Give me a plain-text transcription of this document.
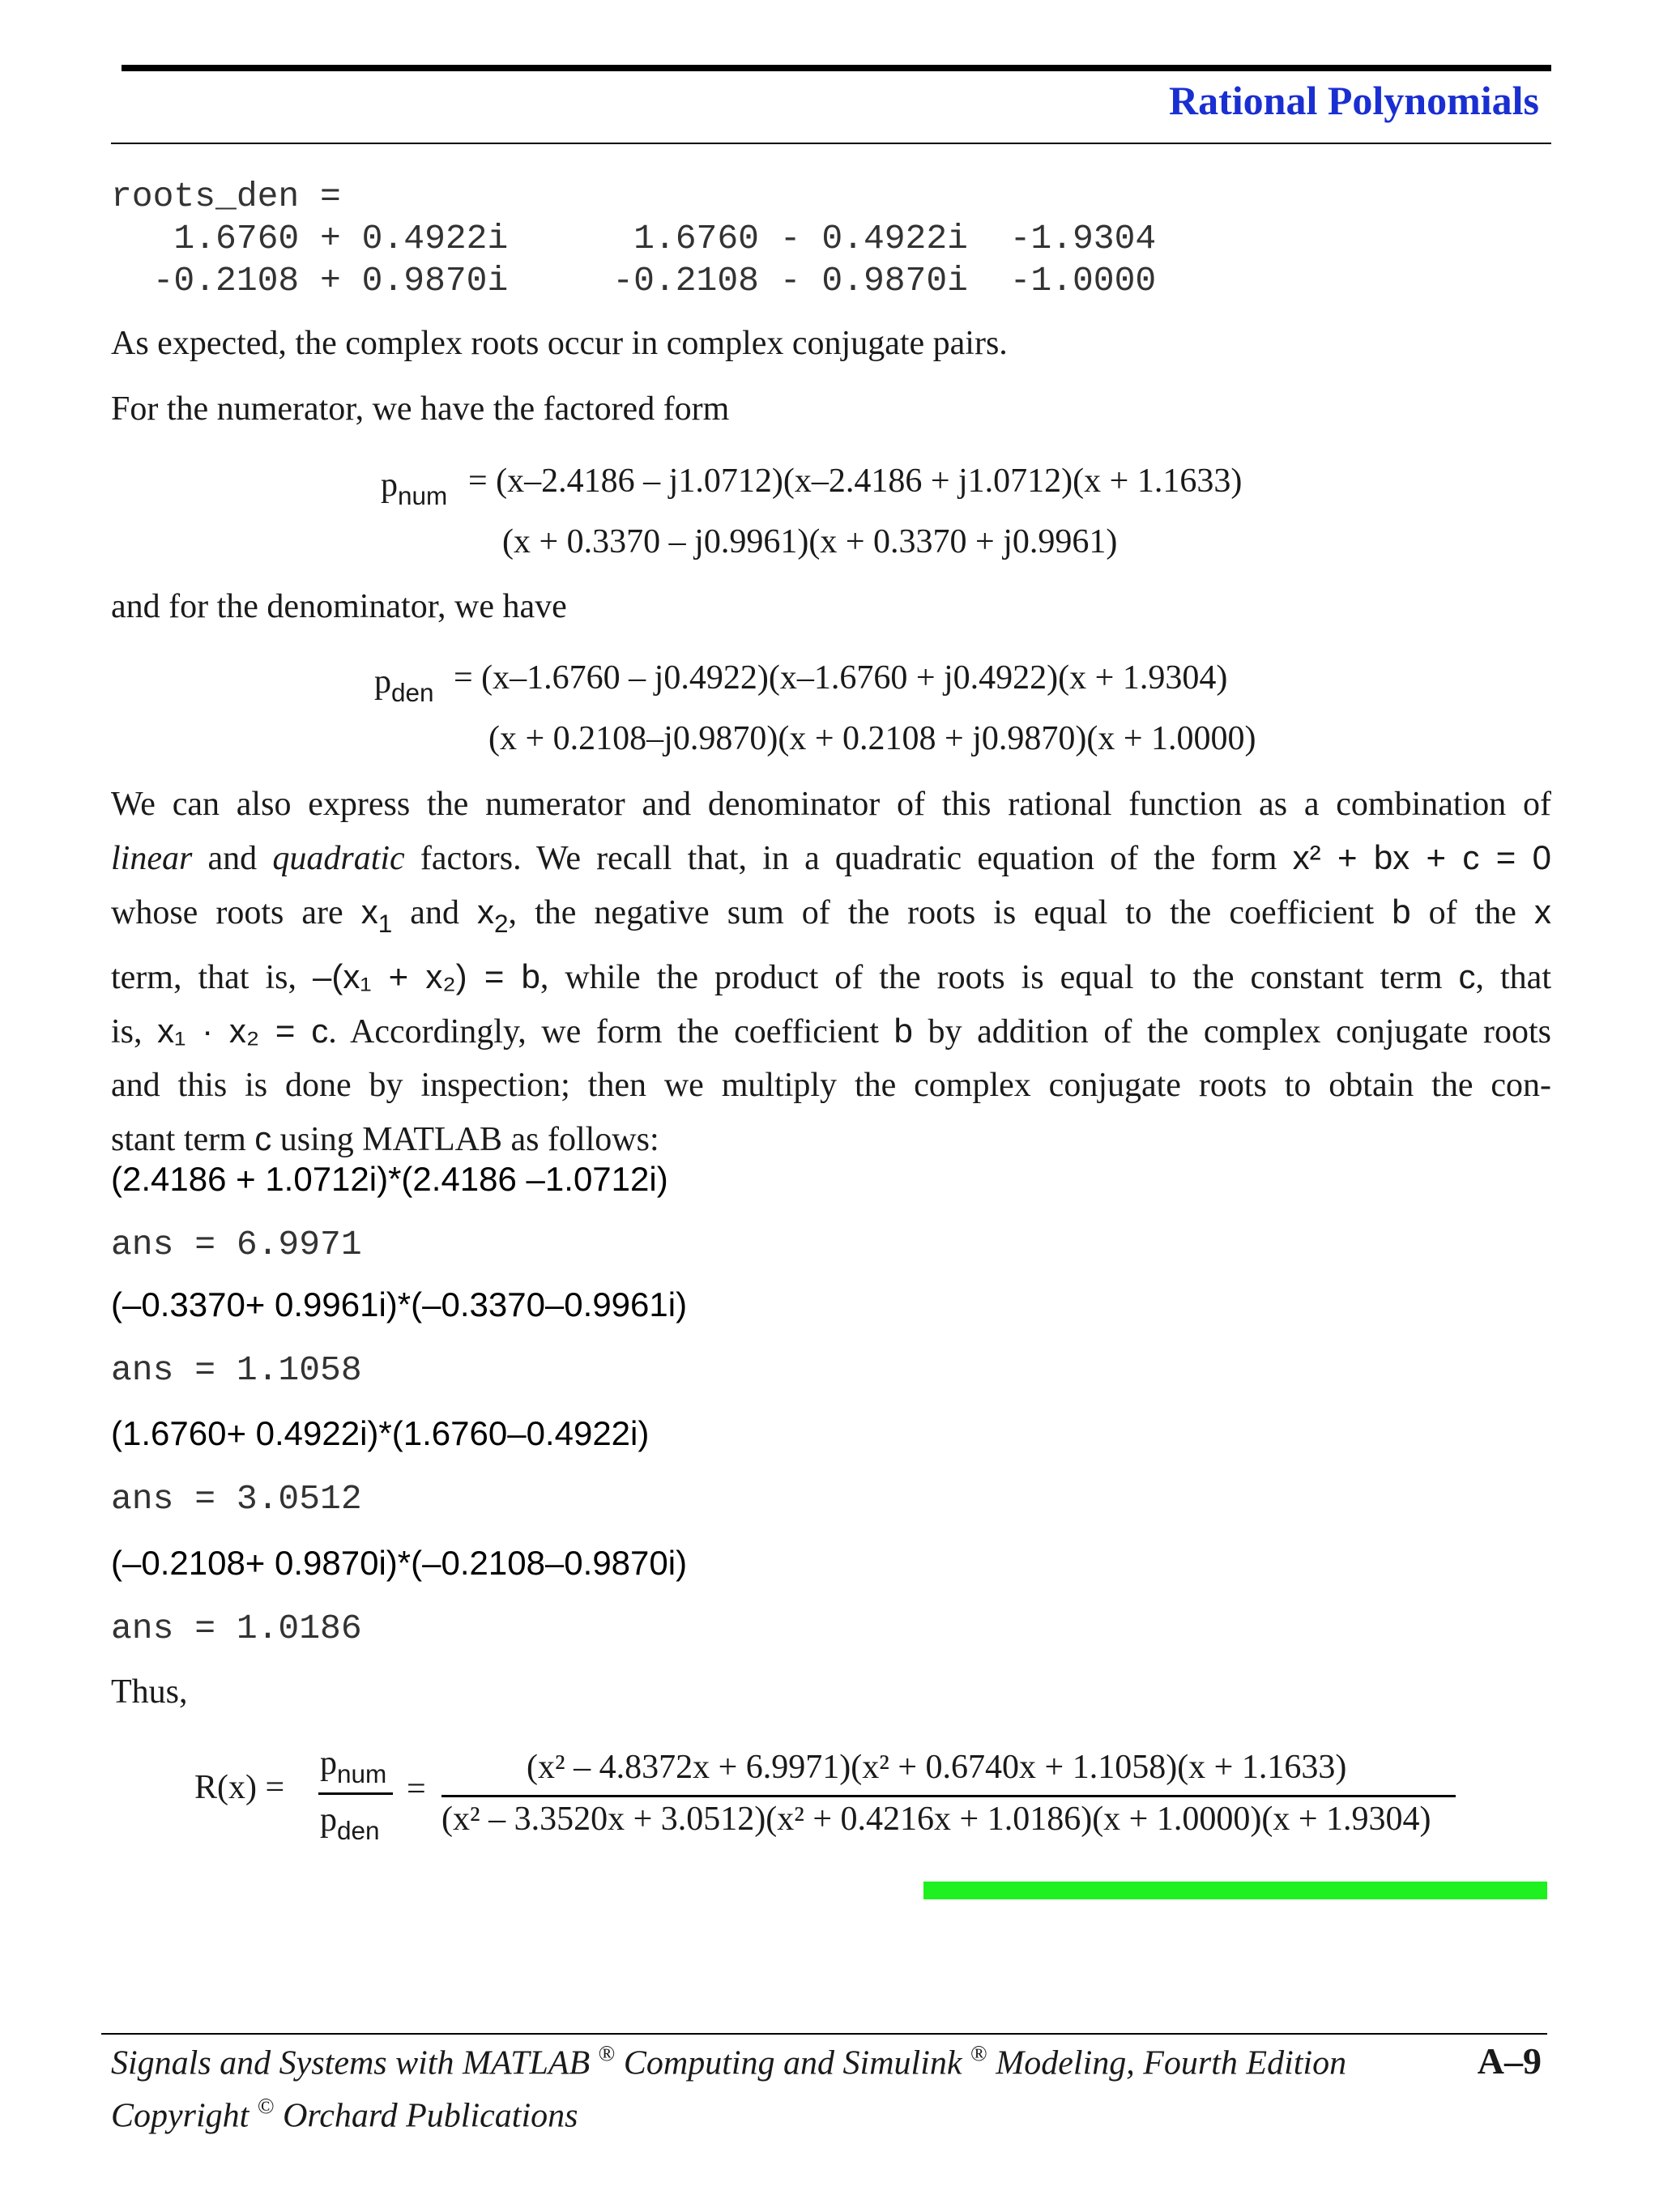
Rational Polynomials
roots_den =
1.6760 + 0.4922i      1.6760 - 0.4922i  -1.9304
-0.2108 + 0.9870i     -0.2108 - 0.9870i  -1.0000
As expected, the complex roots occur in complex conjugate pairs.
For the numerator, we have the factored form
$p_{num} = (x-2.4186 - j1.0712)(x-2.4186 + j1.0712)(x + 1.1633)$
(x + 0.3370 – j0.9961)(x + 0.3370 + j0.9961)
and for the denominator, we have
$p_{den} = (x-1.6760 - j0.4922)(x-1.6760 + j0.4922)(x + 1.9304)$
(x + 0.2108–j0.9870)(x + 0.2108 + j0.9870)(x + 1.0000)
We can also express the numerator and denominator of this rational function as a combination of
linear and quadratic factors. We recall that, in a quadratic equation of the form x² + bx + c = 0
whose roots are $x_1$ and $x_2$, the negative sum of the roots is equal to the coefficient b of the x
term, that is, –(x₁ + x₂) = b, while the product of the roots is equal to the constant term c, that
is, x₁ · x₂ = c. Accordingly, we form the coefficient b by addition of the complex conjugate roots
and this is done by inspection; then we multiply the complex conjugate roots to obtain the con-
stant term c using MATLAB as follows:
(2.4186 + 1.0712i)*(2.4186 –1.0712i)
ans = 6.9971
(–0.3370+ 0.9961i)*(–0.3370–0.9961i)
ans = 1.1058
(1.6760+ 0.4922i)*(1.6760–0.4922i)
ans = 3.0512
(–0.2108+ 0.9870i)*(–0.2108–0.9870i)
ans = 1.0186
Thus,
R(x) =
$p_{num}$
$p_{den}$
=
(x² – 4.8372x + 6.9971)(x² + 0.6740x + 1.1058)(x + 1.1633)
(x² – 3.3520x + 3.0512)(x² + 0.4216x + 1.0186)(x + 1.0000)(x + 1.9304)
Signals and Systems with MATLAB ® Computing and Simulink ® Modeling, Fourth Edition
Copyright © Orchard Publications
A–9
